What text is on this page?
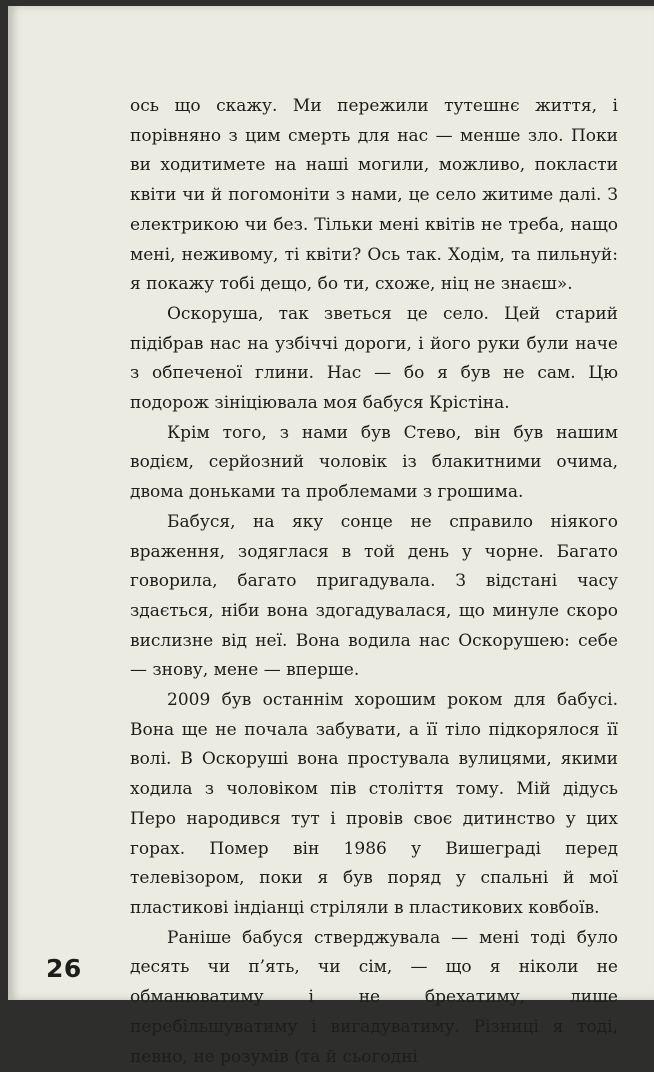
ось що скажу. Ми пережили тутешнє життя, і порівняно з цим смерть для нас — менше зло. Поки ви ходитимете на наші могили, можливо, покласти квіти чи й погомоніти з нами, це село житиме далі. З електрикою чи без. Тільки мені квітів не треба, нащо мені, неживому, ті квіти? Ось так. Ходім, та пильнуй: я покажу тобі дещо, бо ти, схоже, ніц не знаєш».

Оскоруша, так зветься це село. Цей старий підібрав нас на узбіччі дороги, і його руки були наче з обпеченої глини. Нас — бо я був не сам. Цю подорож зініціювала моя бабуся Крістіна.

Крім того, з нами був Стево, він був нашим водієм, серйозний чоловік із блакитними очима, двома доньками та проблемами з грошима.

Бабуся, на яку сонце не справило ніякого враження, зодяглася в той день у чорне. Багато говорила, багато пригадувала. З відстані часу здається, ніби вона здогадувалася, що минуле скоро вислизне від неї. Вона водила нас Оскорушею: себе — знову, мене — вперше.

2009 був останнім хорошим роком для бабусі. Вона ще не почала забувати, а її тіло підкорялося її волі. В Оскоруші вона простувала вулицями, якими ходила з чоловіком пів століття тому. Мій дідусь Перо народився тут і провів своє дитинство у цих горах. Помер він 1986 у Вишеграді перед телевізором, поки я був поряд у спальні й мої пластикові індіанці стріляли в пластикових ковбоїв.

Раніше бабуся стверджувала — мені тоді було десять чи п’ять, чи сім, — що я ніколи не обманюватиму і не брехатиму, лише перебільшуватиму і вигадуватиму. Різниці я тоді, певно, не розумів (та й сьогодні

26
